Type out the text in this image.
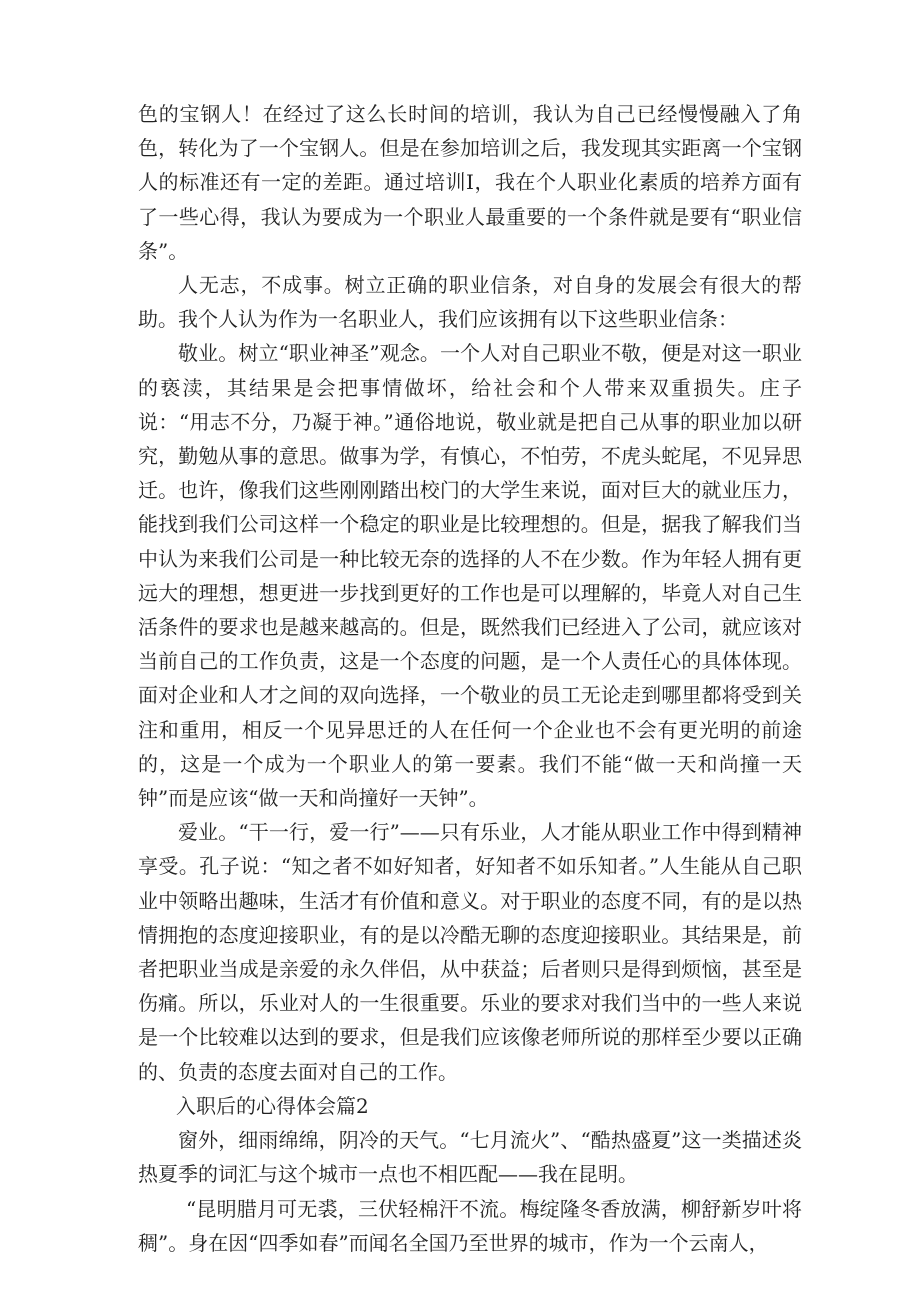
色的宝钢人！在经过了这么长时间的培训，我认为自己已经慢慢融入了角色，转化为了一个宝钢人。但是在参加培训之后，我发现其实距离一个宝钢人的标准还有一定的差距。通过培训Ⅰ，我在个人职业化素质的培养方面有了一些心得，我认为要成为一个职业人最重要的一个条件就是要有“职业信条”。

人无志，不成事。树立正确的职业信条，对自身的发展会有很大的帮助。我个人认为作为一名职业人，我们应该拥有以下这些职业信条：

敬业。树立“职业神圣”观念。一个人对自己职业不敬，便是对这一职业的亵渎，其结果是会把事情做坏，给社会和个人带来双重损失。庄子说：“用志不分，乃凝于神。”通俗地说，敬业就是把自己从事的职业加以研究，勤勉从事的意思。做事为学，有慎心，不怕劳，不虎头蛇尾，不见异思迁。也许，像我们这些刚刚踏出校门的大学生来说，面对巨大的就业压力，能找到我们公司这样一个稳定的职业是比较理想的。但是，据我了解我们当中认为来我们公司是一种比较无奈的选择的人不在少数。作为年轻人拥有更远大的理想，想更进一步找到更好的工作也是可以理解的，毕竟人对自己生活条件的要求也是越来越高的。但是，既然我们已经进入了公司，就应该对当前自己的工作负责，这是一个态度的问题，是一个人责任心的具体体现。面对企业和人才之间的双向选择，一个敬业的员工无论走到哪里都将受到关注和重用，相反一个见异思迁的人在任何一个企业也不会有更光明的前途的，这是一个成为一个职业人的第一要素。我们不能“做一天和尚撞一天钟”而是应该“做一天和尚撞好一天钟”。

爱业。“干一行，爱一行”——只有乐业，人才能从职业工作中得到精神享受。孔子说：“知之者不如好知者，好知者不如乐知者。”人生能从自己职业中领略出趣味，生活才有价值和意义。对于职业的态度不同，有的是以热情拥抱的态度迎接职业，有的是以冷酷无聊的态度迎接职业。其结果是，前者把职业当成是亲爱的永久伴侣，从中获益；后者则只是得到烦恼，甚至是伤痛。所以，乐业对人的一生很重要。乐业的要求对我们当中的一些人来说是一个比较难以达到的要求，但是我们应该像老师所说的那样至少要以正确的、负责的态度去面对自己的工作。

入职后的心得体会篇2

窗外，细雨绵绵，阴冷的天气。“七月流火”、“酷热盛夏”这一类描述炎热夏季的词汇与这个城市一点也不相匹配——我在昆明。

“昆明腊月可无裘，三伏轻棉汗不流。梅绽隆冬香放满，柳舒新岁叶将稠”。身在因“四季如春”而闻名全国乃至世界的城市，作为一个云南人，
